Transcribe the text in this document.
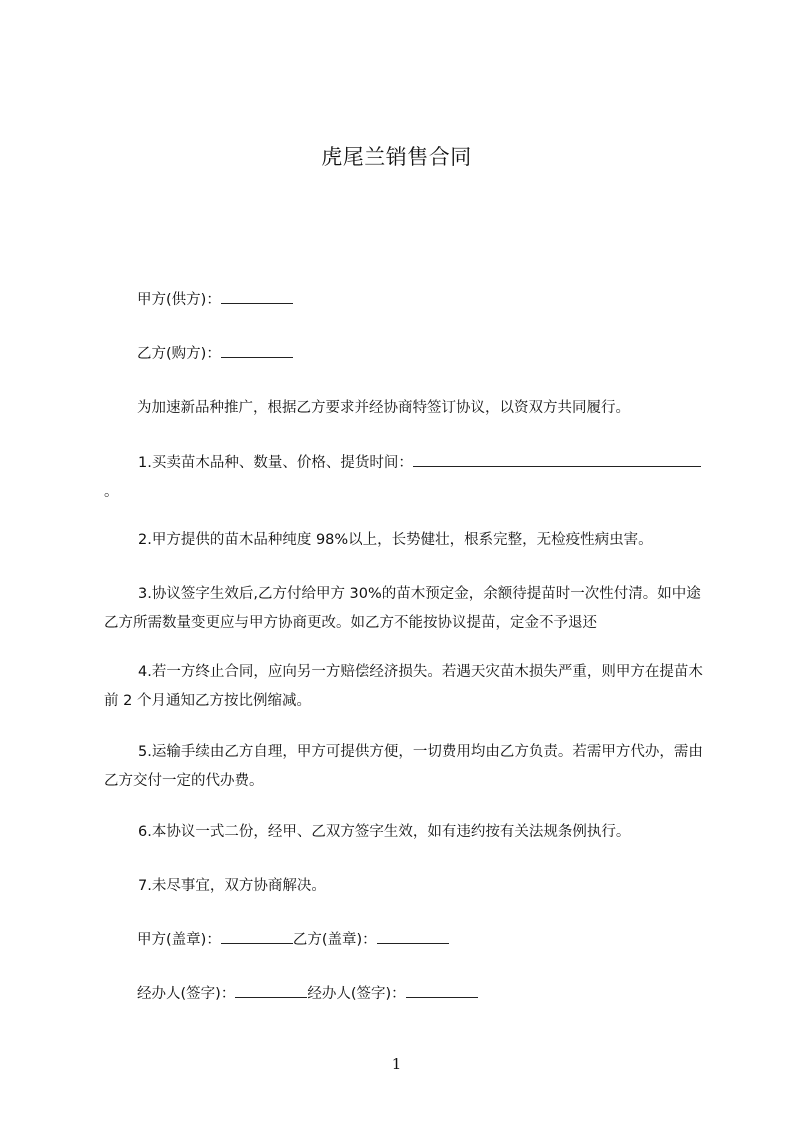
虎尾兰销售合同
甲方(供方)：
乙方(购方)：
为加速新品种推广，根据乙方要求并经协商特签订协议，以资双方共同履行。
1.买卖苗木品种、数量、价格、提货时间：。
2.甲方提供的苗木品种纯度 98%以上，长势健壮，根系完整，无检疫性病虫害。
3.协议签字生效后,乙方付给甲方 30%的苗木预定金，余额待提苗时一次性付清。如中途乙方所需数量变更应与甲方协商更改。如乙方不能按协议提苗，定金不予退还
4.若一方终止合同，应向另一方赔偿经济损失。若遇天灾苗木损失严重，则甲方在提苗木前 2 个月通知乙方按比例缩减。
5.运输手续由乙方自理，甲方可提供方便，一切费用均由乙方负责。若需甲方代办，需由乙方交付一定的代办费。
6.本协议一式二份，经甲、乙双方签字生效，如有违约按有关法规条例执行。
7.未尽事宜，双方协商解决。
甲方(盖章)：	乙方(盖章)：
经办人(签字)：	经办人(签字)：
1
